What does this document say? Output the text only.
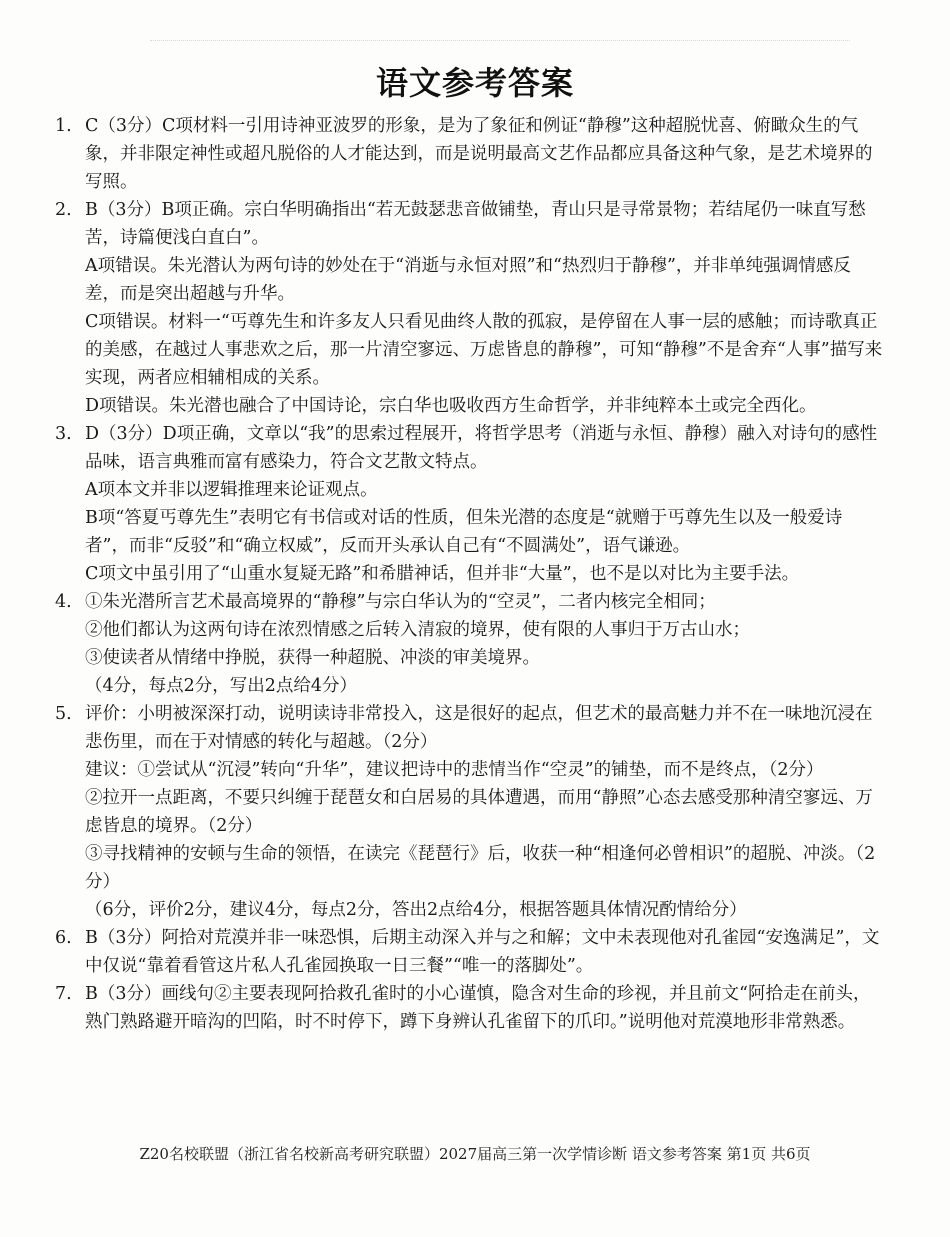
语文参考答案
1. C（3分）C项材料一引用诗神亚波罗的形象，是为了象征和例证“静穆”这种超脱忧喜、俯瞰众生的气象，并非限定神性或超凡脱俗的人才能达到，而是说明最高文艺作品都应具备这种气象，是艺术境界的写照。

2. B（3分）B项正确。宗白华明确指出“若无鼓瑟悲音做铺垫，青山只是寻常景物；若结尾仍一味直写愁苦，诗篇便浅白直白”。

A项错误。朱光潜认为两句诗的妙处在于“消逝与永恒对照”和“热烈归于静穆”，并非单纯强调情感反差，而是突出超越与升华。

C项错误。材料一“丐尊先生和许多友人只看见曲终人散的孤寂，是停留在人事一层的感触；而诗歌真正的美感，在越过人事悲欢之后，那一片清空寥远、万虑皆息的静穆”，可知“静穆”不是舍弃“人事”描写来实现，两者应相辅相成的关系。

D项错误。朱光潜也融合了中国诗论，宗白华也吸收西方生命哲学，并非纯粹本土或完全西化。

3. D（3分）D项正确，文章以“我”的思索过程展开，将哲学思考（消逝与永恒、静穆）融入对诗句的感性品味，语言典雅而富有感染力，符合文艺散文特点。

A项本文并非以逻辑推理来论证观点。

B项“答夏丐尊先生”表明它有书信或对话的性质，但朱光潜的态度是“就赠于丐尊先生以及一般爱诗者”，而非“反驳”和“确立权威”，反而开头承认自己有“不圆满处”，语气谦逊。

C项文中虽引用了“山重水复疑无路”和希腊神话，但并非“大量”，也不是以对比为主要手法。

4. ①朱光潜所言艺术最高境界的“静穆”与宗白华认为的“空灵”，二者内核完全相同；

②他们都认为这两句诗在浓烈情感之后转入清寂的境界，使有限的人事归于万古山水；

③使读者从情绪中挣脱，获得一种超脱、冲淡的审美境界。

（4分，每点2分，写出2点给4分）

5. 评价：小明被深深打动，说明读诗非常投入，这是很好的起点，但艺术的最高魅力并不在一味地沉浸在悲伤里，而在于对情感的转化与超越。（2分）

建议：①尝试从“沉浸”转向“升华”，建议把诗中的悲情当作“空灵”的铺垫，而不是终点，（2分）

②拉开一点距离，不要只纠缠于琵琶女和白居易的具体遭遇，而用“静照”心态去感受那种清空寥远、万虑皆息的境界。（2分）

③寻找精神的安顿与生命的领悟，在读完《琵琶行》后，收获一种“相逢何必曾相识”的超脱、冲淡。（2分）

（6分，评价2分，建议4分，每点2分，答出2点给4分，根据答题具体情况酌情给分）

6. B（3分）阿拾对荒漠并非一味恐惧，后期主动深入并与之和解；文中未表现他对孔雀园“安逸满足”，文中仅说“靠着看管这片私人孔雀园换取一日三餐”“唯一的落脚处”。

7. B（3分）画线句②主要表现阿拾救孔雀时的小心谨慎，隐含对生命的珍视，并且前文“阿拾走在前头，熟门熟路避开暗沟的凹陷，时不时停下，蹲下身辨认孔雀留下的爪印。”说明他对荒漠地形非常熟悉。

Z20名校联盟（浙江省名校新高考研究联盟）2027届高三第一次学情诊断 语文参考答案 第1页 共6页
